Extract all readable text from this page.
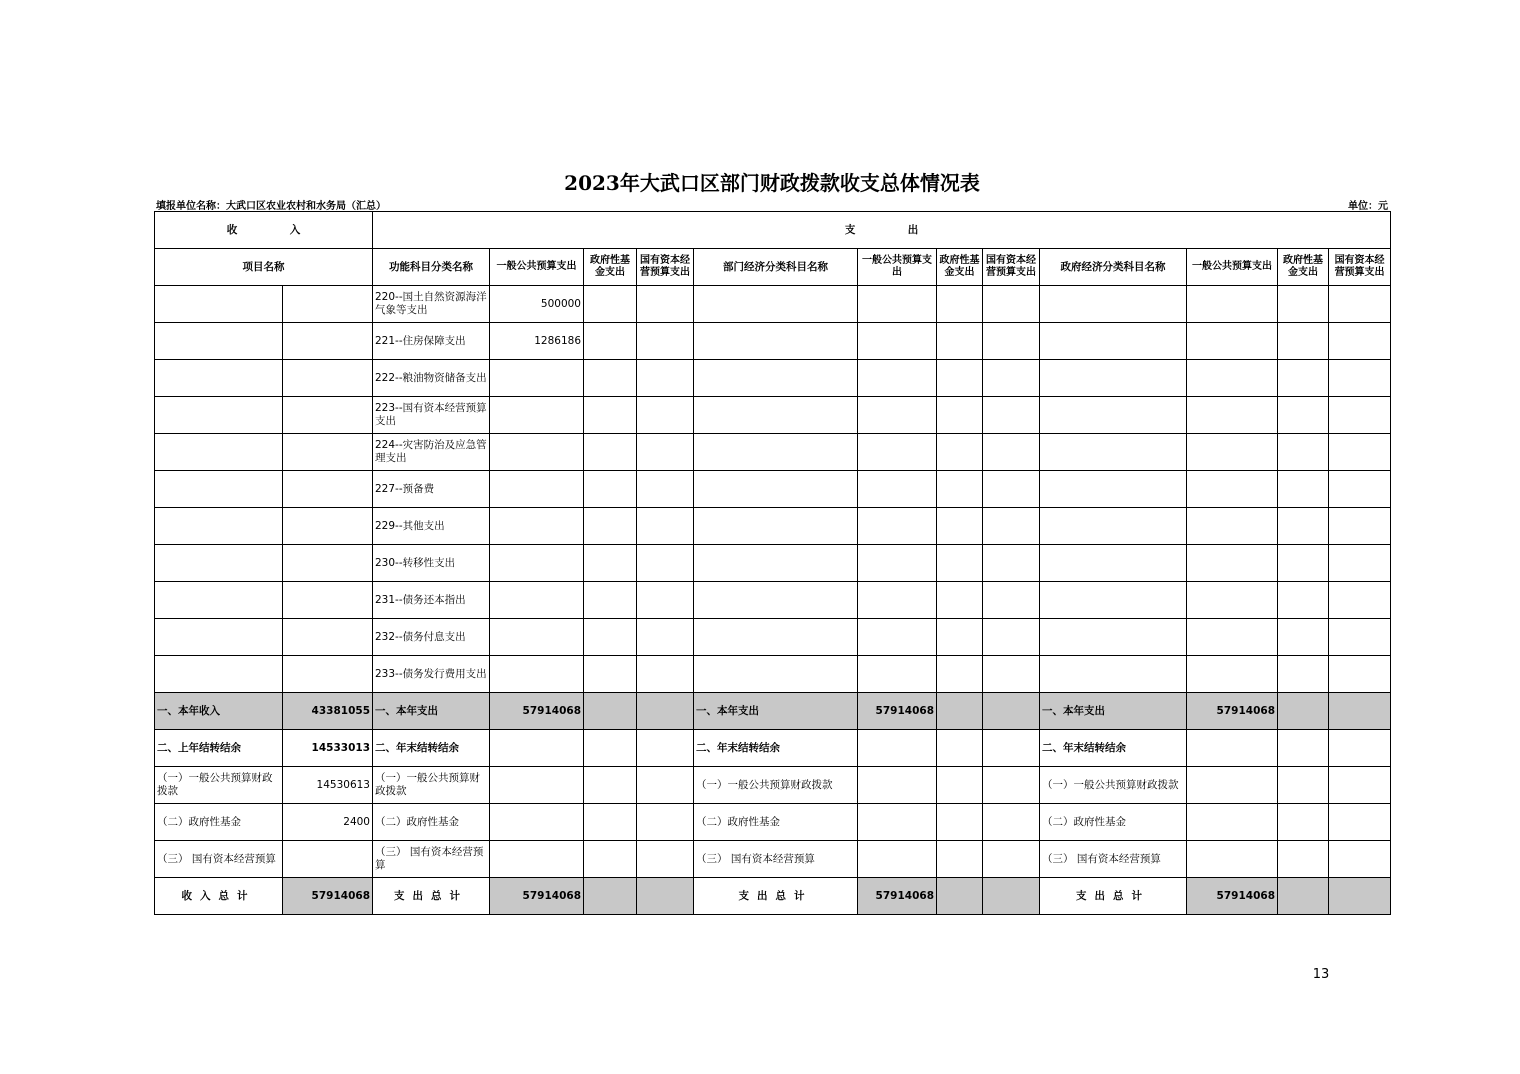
2023年大武口区部门财政拨款收支总体情况表
填报单位名称：大武口区农业农村和水务局（汇总）	单位：元
收　　　　　入		支　　　　　出											
项目名称		功能科目分类名称	一般公共预算支出	政府性基金支出	国有资本经营预算支出	部门经济分类科目名称	一般公共预算支出	政府性基金支出	国有资本经营预算支出	政府经济分类科目名称	一般公共预算支出	政府性基金支出	国有资本经营预算支出
		220--国土自然资源海洋气象等支出	500000										
		221--住房保障支出	1286186										
		222--粮油物资储备支出											
		223--国有资本经营预算支出											
		224--灾害防治及应急管理支出											
		227--预备费											
		229--其他支出											
		230--转移性支出											
		231--债务还本指出											
		232--债务付息支出											
		233--债务发行费用支出											
一、本年收入	43381055	一、本年支出	57914068			一、本年支出	57914068			一、本年支出	57914068		
二、上年结转结余	14533013	二、年末结转结余				二、年末结转结余				二、年末结转结余			
（一）一般公共预算财政拨款	14530613	（一）一般公共预算财政拨款				（一）一般公共预算财政拨款				（一）一般公共预算财政拨款			
（二）政府性基金	2400	（二）政府性基金				（二）政府性基金				（二）政府性基金			
（三） 国有资本经营预算		（三） 国有资本经营预算				（三） 国有资本经营预算				（三） 国有资本经营预算			
收入总计	57914068	支出总计	57914068			支出总计	57914068			支出总计	57914068		
13
